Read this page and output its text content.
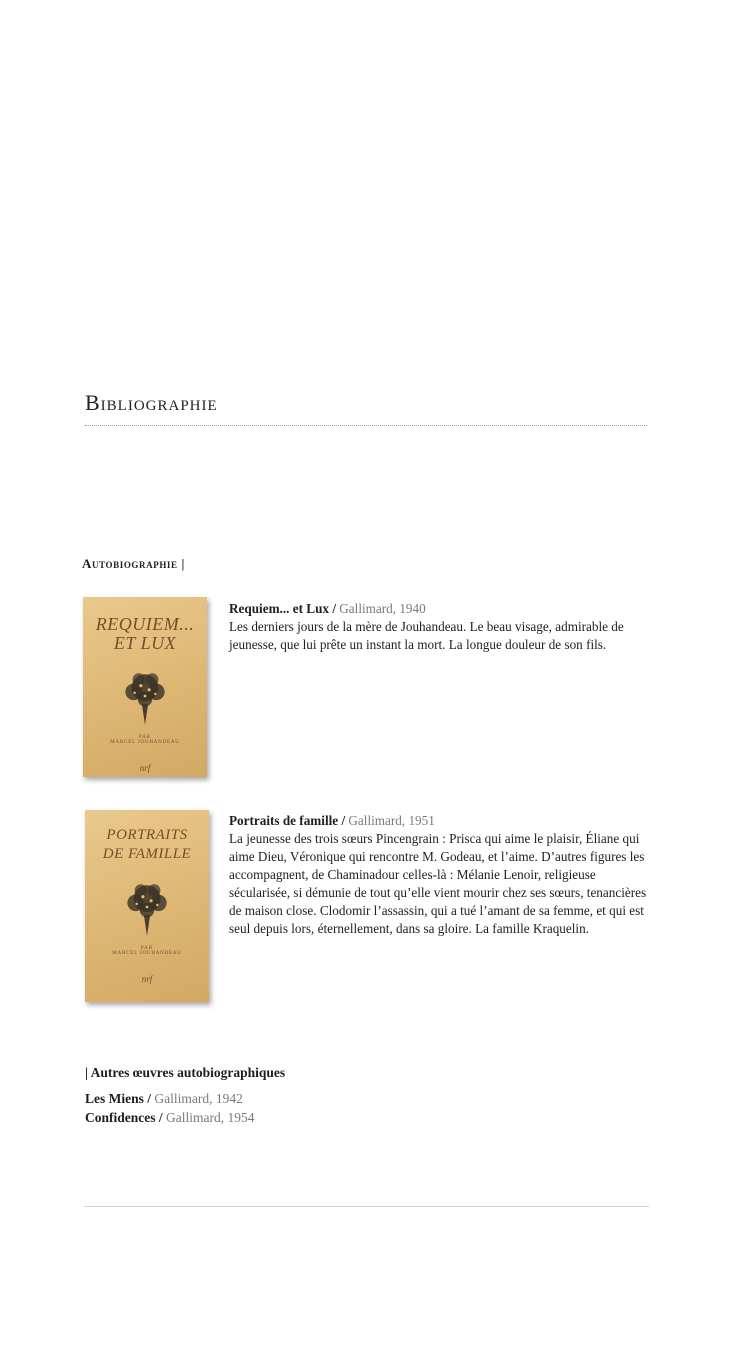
Bibliographie
Autobiographie |
REQUIEM...
ET LUX
PAR
MARCEL JOUHANDEAU
nrf
Requiem... et Lux / Gallimard, 1940

Les derniers jours de la mère de Jouhandeau. Le beau visage, admirable de jeunesse, que lui prête un instant la mort. La longue douleur de son fils.

PORTRAITS
DE FAMILLE
PAR
MARCEL JOUHANDEAU
nrf
Portraits de famille / Gallimard, 1951

La jeunesse des trois sœurs Pincengrain : Prisca qui aime le plaisir, Éliane qui aime Dieu, Véronique qui rencontre M. Godeau, et l’aime. D’autres figures les accompagnent, de Chaminadour celles-là : Mélanie Lenoir, religieuse sécularisée, si démunie de tout qu’elle vient mourir chez ses sœurs, tenancières de maison close. Clodomir l’assassin, qui a tué l’amant de sa femme, et qui est seul depuis lors, éternellement, dans sa gloire. La famille Kraquelin.

| Autres œuvres autobiographiques
Les Miens / Gallimard, 1942
Confidences / Gallimard, 1954
